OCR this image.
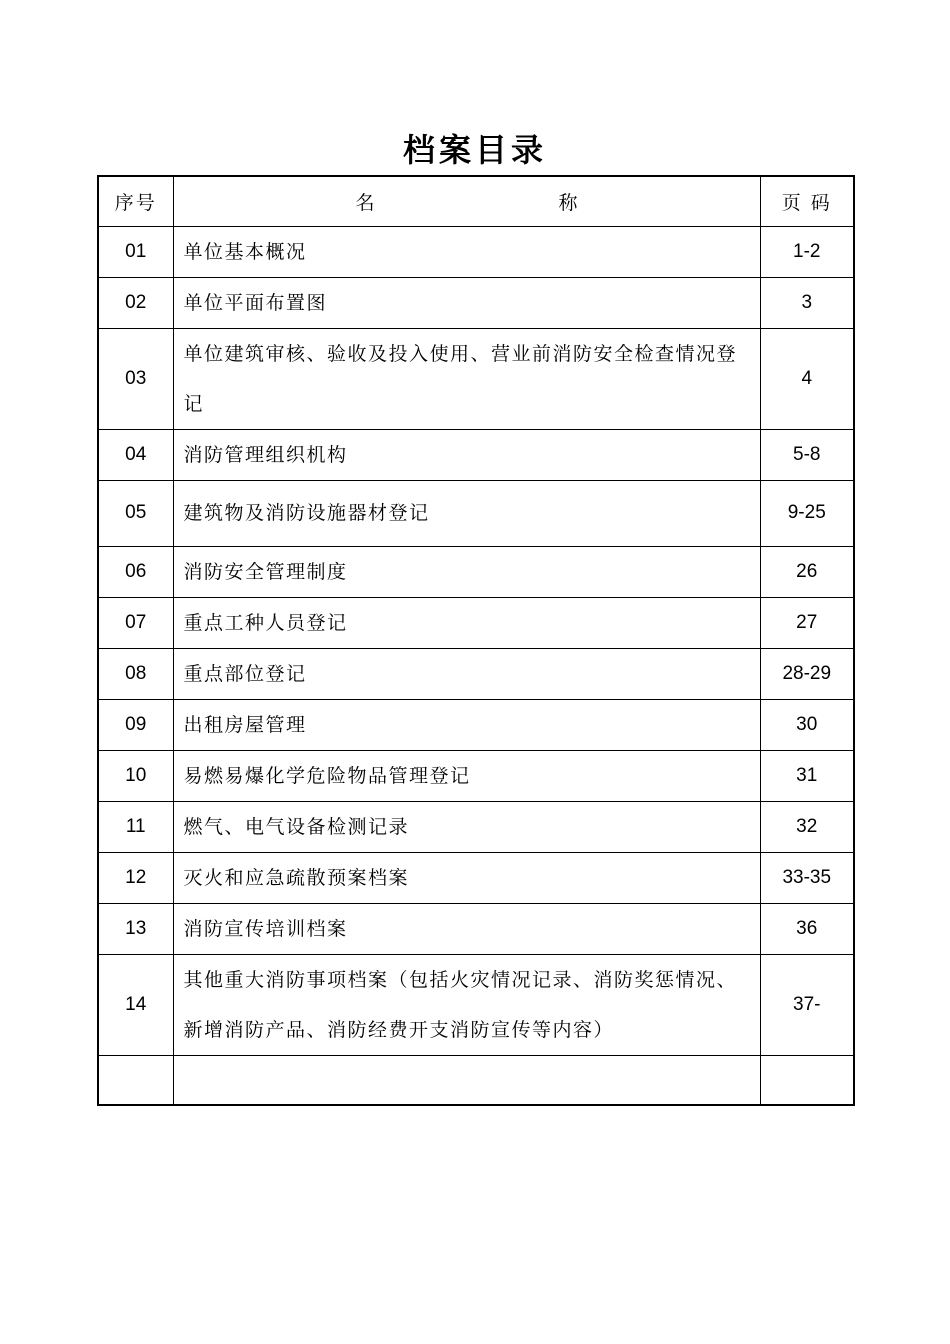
档案目录
序号	名 称	页 码
01	单位基本概况	1-2
02	单位平面布置图	3
03	单位建筑审核、验收及投入使用、营业前消防安全检查情况登记	4
04	消防管理组织机构	5-8
05	建筑物及消防设施器材登记	9-25
06	消防安全管理制度	26
07	重点工种人员登记	27
08	重点部位登记	28-29
09	出租房屋管理	30
10	易燃易爆化学危险物品管理登记	31
11	燃气、电气设备检测记录	32
12	灭火和应急疏散预案档案	33-35
13	消防宣传培训档案	36
14	其他重大消防事项档案（包括火灾情况记录、消防奖惩情况、新增消防产品、消防经费开支消防宣传等内容）	37-
